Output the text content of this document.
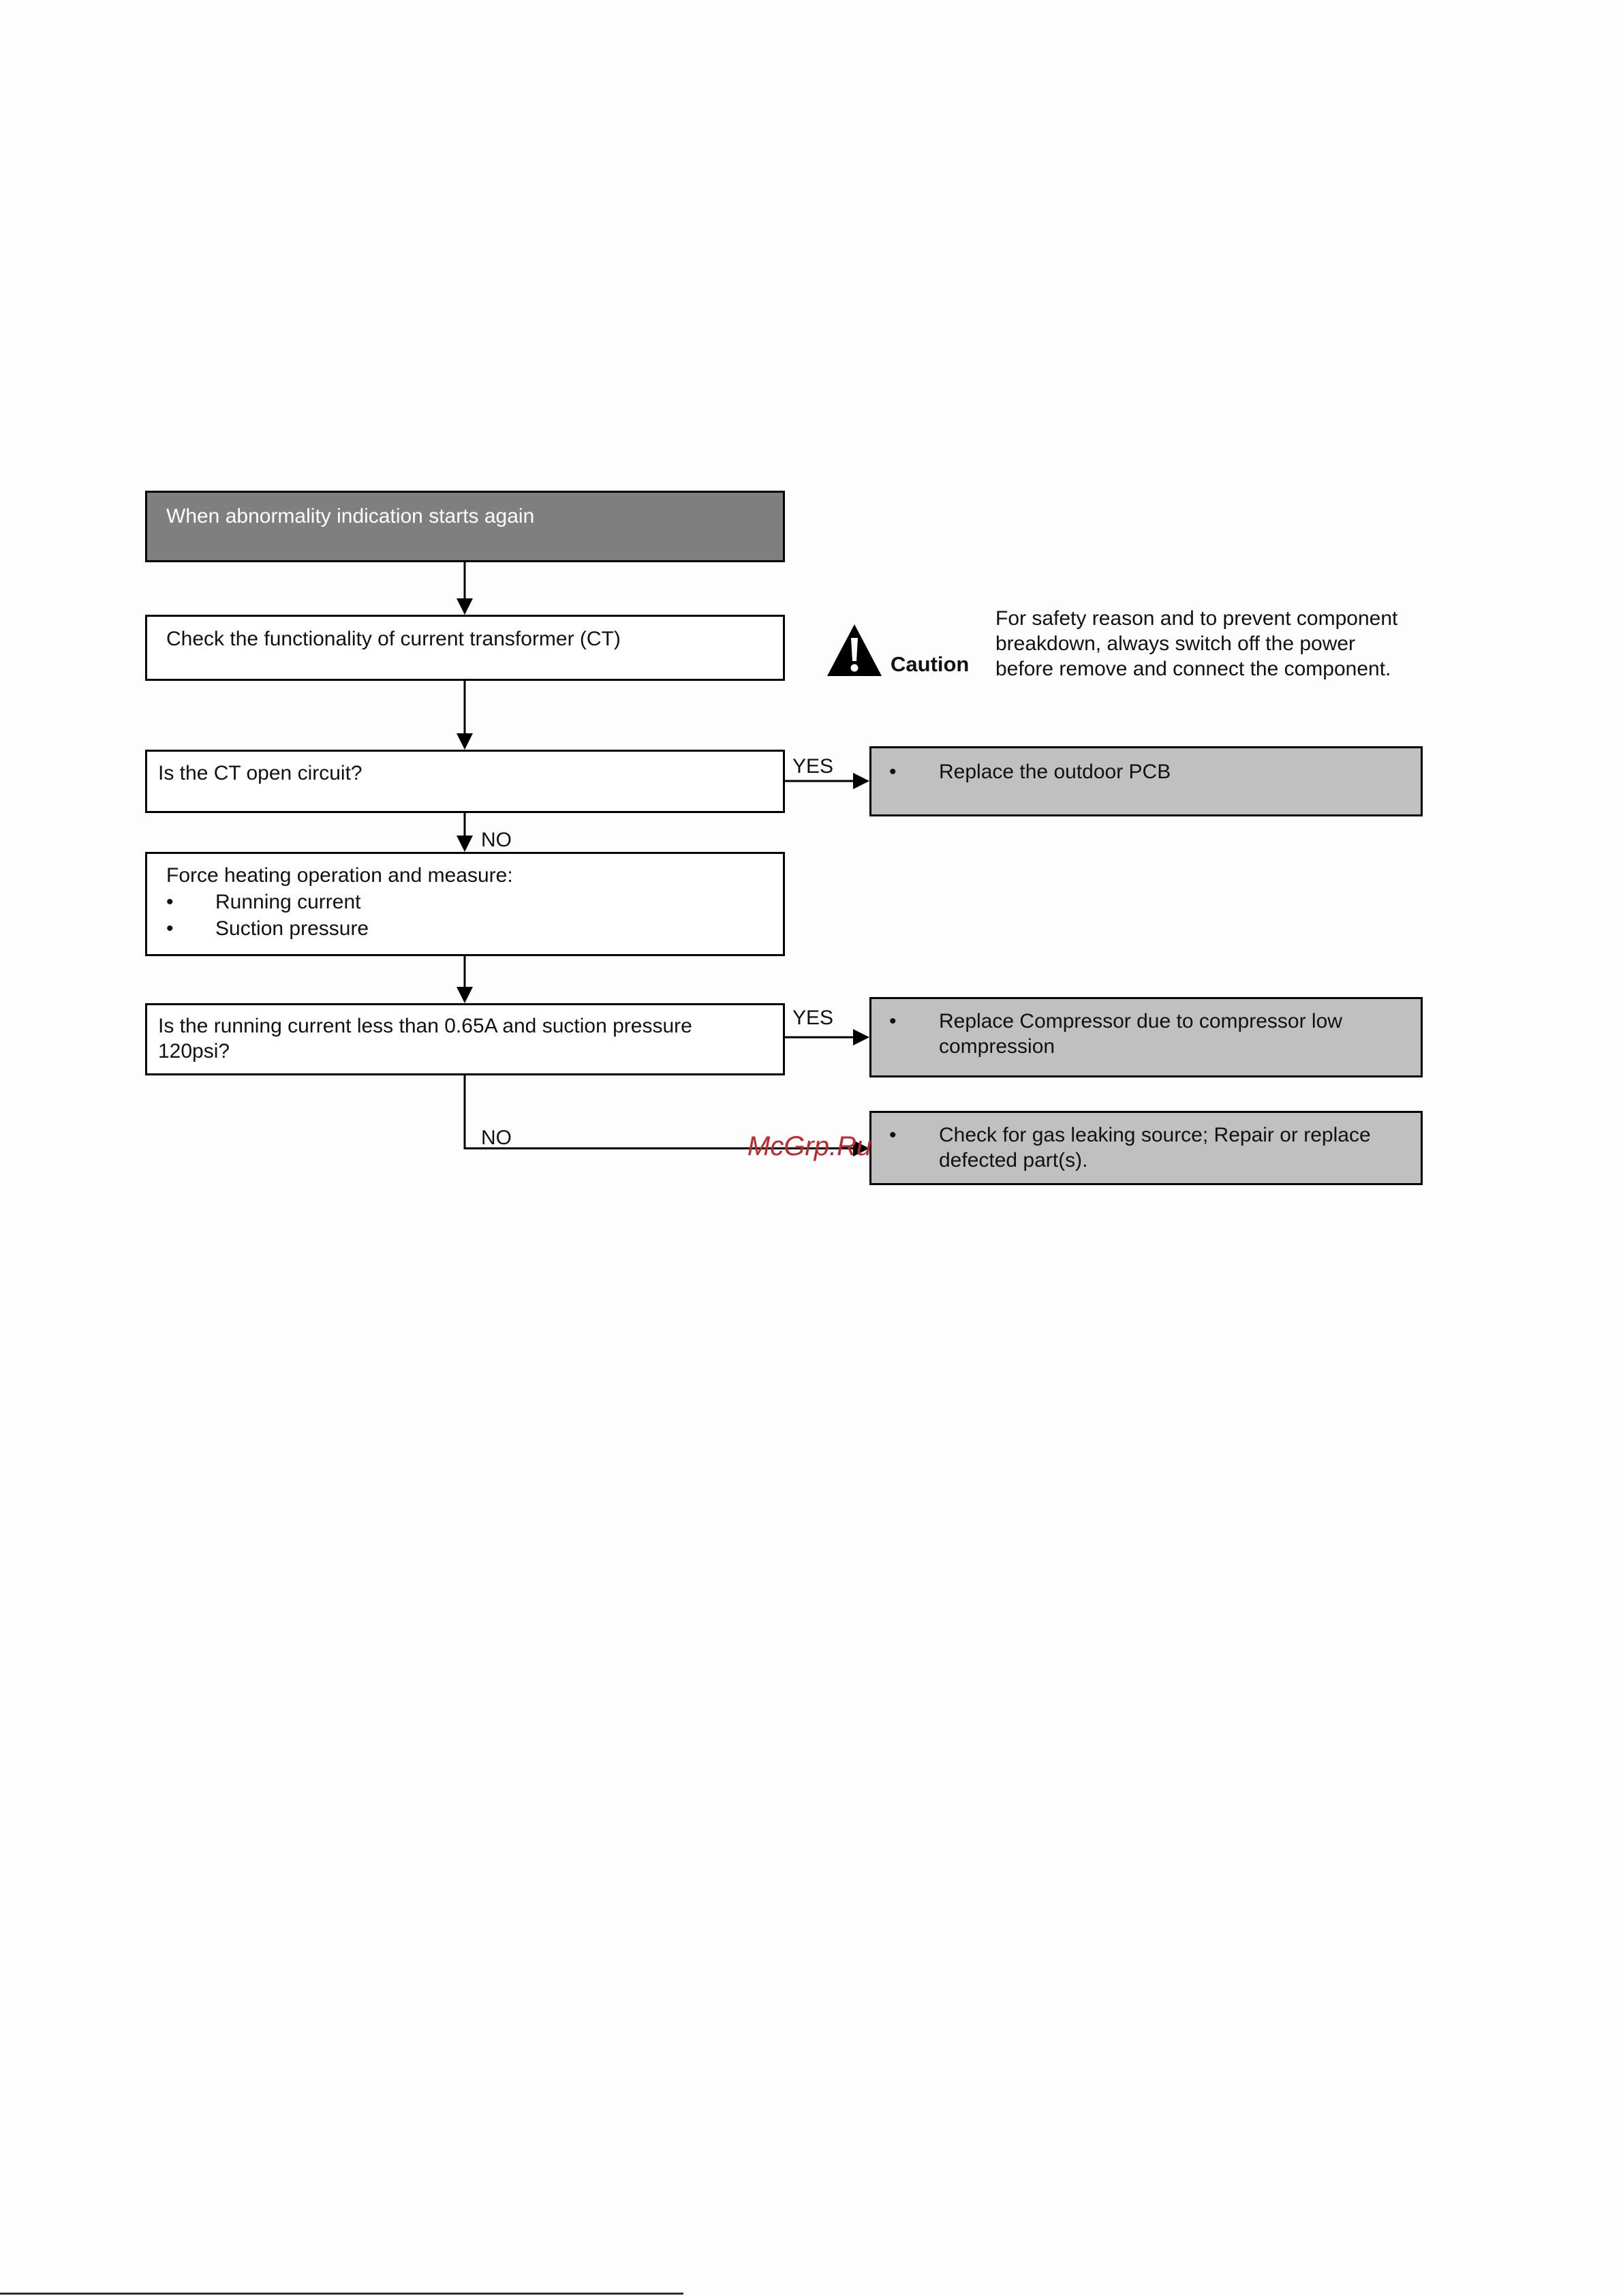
When abnormality indication starts again
Check the functionality of current transformer (CT)
Is the CT open circuit?	• Replace the outdoor PCB
Force heating operation and measure:
• Running current
• Suction pressure
Is the running current less than 0.65A and suction pressure 120psi?
• Replace Compressor due to compressor low compression
• Check for gas leaking source; Repair or replace defected part(s).
YES
NO
YES
NO
Caution
For safety reason and to prevent component breakdown, always switch off the power before remove and connect the component.
McGrp.Ru
